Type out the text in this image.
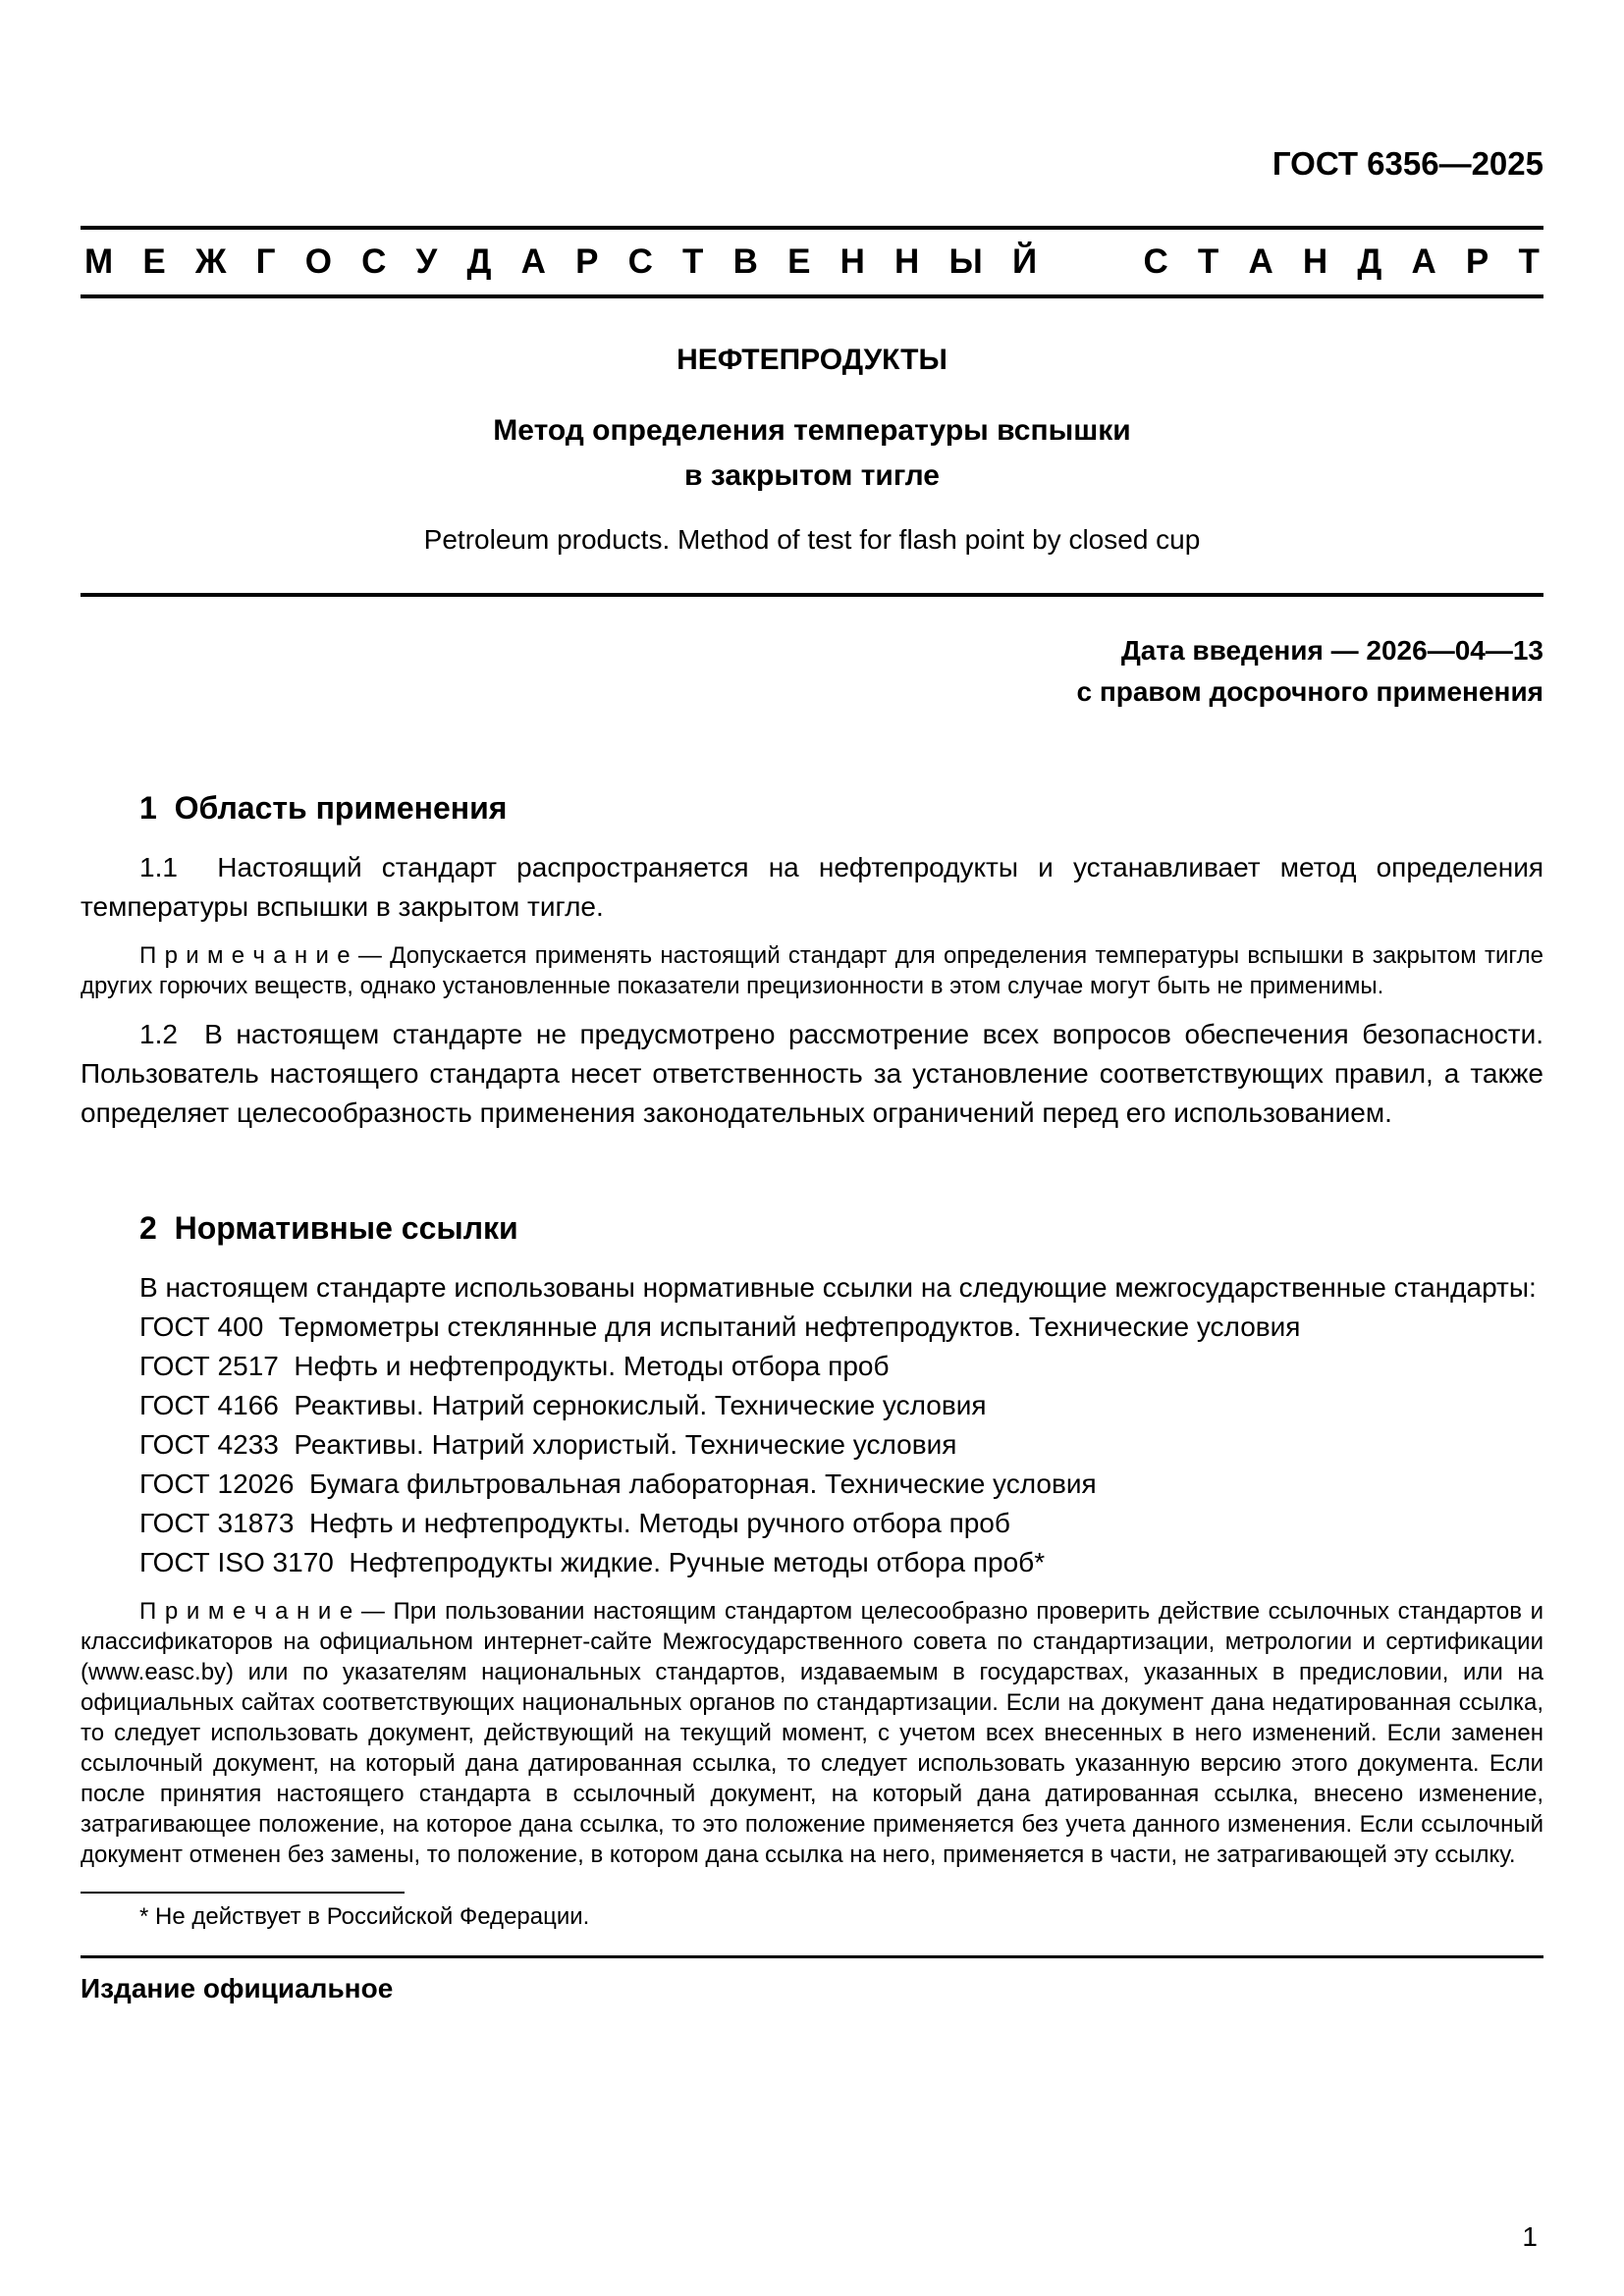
ГОСТ 6356—2025
М Е Ж Г О С У Д А Р С Т В Е Н Н Ы Й	С Т А Н Д А Р Т
НЕФТЕПРОДУКТЫ
Метод определения температуры вспышки
в закрытом тигле
Petroleum products. Method of test for flash point by closed cup
Дата введения — 2026—04—13
с правом досрочного применения
1  Область применения

1.1  Настоящий стандарт распространяется на нефтепродукты и устанавливает метод определения температуры вспышки в закрытом тигле.

П р и м е ч а н и е — Допускается применять настоящий стандарт для определения температуры вспышки в закрытом тигле других горючих веществ, однако установленные показатели прецизионности в этом случае могут быть не применимы.

1.2  В настоящем стандарте не предусмотрено рассмотрение всех вопросов обеспечения безопасности. Пользователь настоящего стандарта несет ответственность за установление соответствующих правил, а также определяет целесообразность применения законодательных ограничений перед его использованием.

2  Нормативные ссылки

В настоящем стандарте использованы нормативные ссылки на следующие межгосударственные стандарты:

ГОСТ 400  Термометры стеклянные для испытаний нефтепродуктов. Технические условия
ГОСТ 2517  Нефть и нефтепродукты. Методы отбора проб
ГОСТ 4166  Реактивы. Натрий сернокислый. Технические условия
ГОСТ 4233  Реактивы. Натрий хлористый. Технические условия
ГОСТ 12026  Бумага фильтровальная лабораторная. Технические условия
ГОСТ 31873  Нефть и нефтепродукты. Методы ручного отбора проб
ГОСТ ISO 3170  Нефтепродукты жидкие. Ручные методы отбора проб*

П р и м е ч а н и е — При пользовании настоящим стандартом целесообразно проверить действие ссылочных стандартов и классификаторов на официальном интернет-сайте Межгосударственного совета по стандартизации, метрологии и сертификации (www.easc.by) или по указателям национальных стандартов, издаваемым в государствах, указанных в предисловии, или на официальных сайтах соответствующих национальных органов по стандартизации. Если на документ дана недатированная ссылка, то следует использовать документ, действующий на текущий момент, с учетом всех внесенных в него изменений. Если заменен ссылочный документ, на который дана датированная ссылка, то следует использовать указанную версию этого документа. Если после принятия настоящего стандарта в ссылочный документ, на который дана датированная ссылка, внесено изменение, затрагивающее положение, на которое дана ссылка, то это положение применяется без учета данного изменения. Если ссылочный документ отменен без замены, то положение, в котором дана ссылка на него, применяется в части, не затрагивающей эту ссылку.

* Не действует в Российской Федерации.

Издание официальное
1
